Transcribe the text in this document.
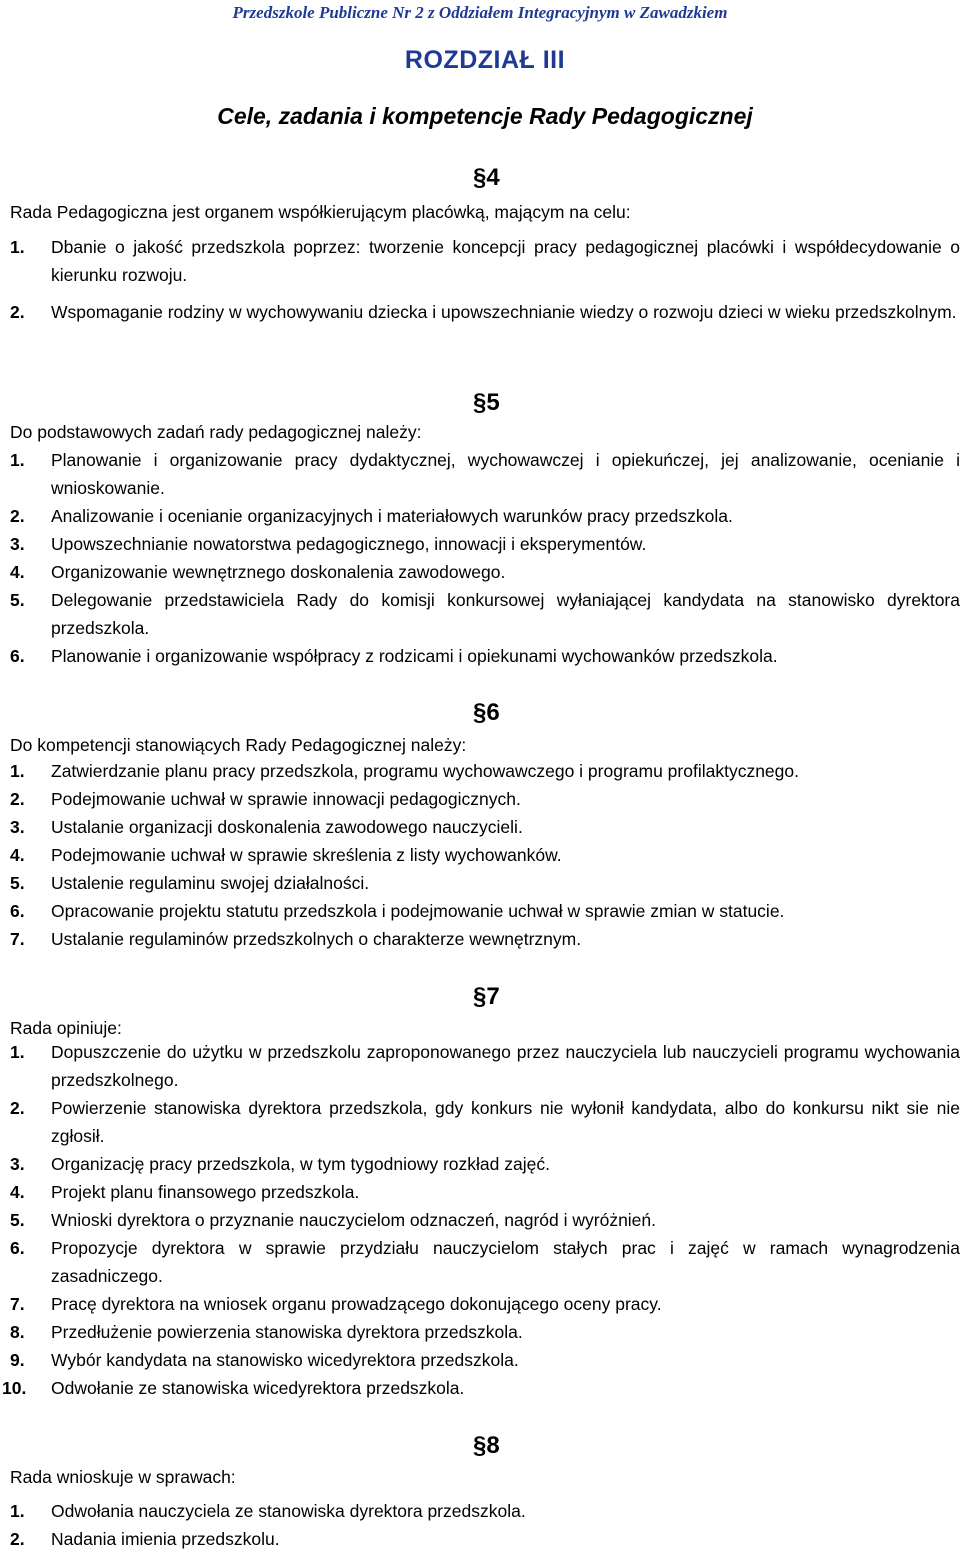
Przedszkole Publiczne Nr 2 z Oddziałem Integracyjnym w Zawadzkiem
ROZDZIAŁ III
Cele, zadania i kompetencje Rady Pedagogicznej
§4
Rada Pedagogiczna jest organem współkierującym placówką, mającym na celu:
1. Dbanie o jakość przedszkola poprzez: tworzenie koncepcji pracy pedagogicznej placówki i współdecydowanie o kierunku rozwoju.
2. Wspomaganie rodziny w wychowywaniu dziecka i upowszechnianie wiedzy o rozwoju dzieci w wieku przedszkolnym.
§5
Do podstawowych zadań rady pedagogicznej należy:
1. Planowanie i organizowanie pracy dydaktycznej, wychowawczej i opiekuńczej, jej analizowanie, ocenianie i wnioskowanie.
2. Analizowanie i ocenianie organizacyjnych i materiałowych warunków pracy przedszkola.
3. Upowszechnianie nowatorstwa pedagogicznego, innowacji i eksperymentów.
4. Organizowanie wewnętrznego doskonalenia zawodowego.
5. Delegowanie przedstawiciela Rady do komisji konkursowej wyłaniającej kandydata na stanowisko dyrektora przedszkola.
6. Planowanie i organizowanie współpracy z rodzicami i opiekunami wychowanków przedszkola.
§6
Do kompetencji stanowiących Rady Pedagogicznej należy:
1. Zatwierdzanie planu pracy przedszkola, programu wychowawczego i programu profilaktycznego.
2. Podejmowanie uchwał w sprawie innowacji pedagogicznych.
3. Ustalanie organizacji doskonalenia zawodowego nauczycieli.
4. Podejmowanie uchwał w sprawie skreślenia z listy wychowanków.
5. Ustalenie regulaminu swojej działalności.
6. Opracowanie projektu statutu przedszkola i podejmowanie uchwał w sprawie zmian w statucie.
7. Ustalanie regulaminów przedszkolnych o charakterze wewnętrznym.
§7
Rada opiniuje:
1. Dopuszczenie do użytku w przedszkolu zaproponowanego przez nauczyciela lub nauczycieli programu wychowania przedszkolnego.
2. Powierzenie stanowiska dyrektora przedszkola, gdy konkurs nie wyłonił kandydata, albo do konkursu nikt sie nie zgłosił.
3. Organizację pracy przedszkola, w tym tygodniowy rozkład zajęć.
4. Projekt planu finansowego przedszkola.
5. Wnioski dyrektora o przyznanie nauczycielom odznaczeń, nagród i wyróżnień.
6. Propozycje dyrektora w sprawie przydziału nauczycielom stałych prac i zajęć w ramach wynagrodzenia zasadniczego.
7. Pracę dyrektora na wniosek organu prowadzącego dokonującego oceny pracy.
8. Przedłużenie powierzenia stanowiska dyrektora przedszkola.
9. Wybór kandydata na stanowisko wicedyrektora przedszkola.
10. Odwołanie ze stanowiska wicedyrektora przedszkola.
§8
Rada wnioskuje w sprawach:
1. Odwołania nauczyciela ze stanowiska dyrektora przedszkola.
2. Nadania imienia przedszkolu.
